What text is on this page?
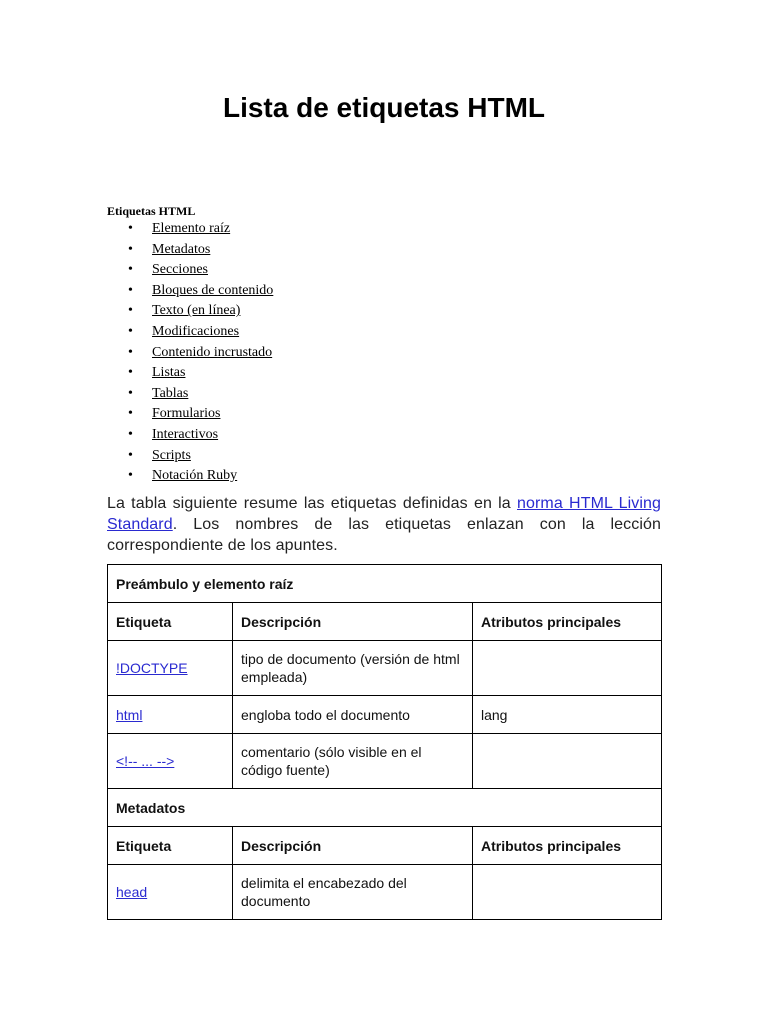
Lista de etiquetas HTML
Etiquetas HTML
• Elemento raíz
• Metadatos
• Secciones
• Bloques de contenido
• Texto (en línea)
• Modificaciones
• Contenido incrustado
• Listas
• Tablas
• Formularios
• Interactivos
• Scripts
• Notación Ruby

La tabla siguiente resume las etiquetas definidas en la norma HTML Living Standard. Los nombres de las etiquetas enlazan con la lección correspondiente de los apuntes.

Preámbulo y elemento raíz		
Etiqueta	Descripción	Atributos principales
!DOCTYPE	tipo de documento (versión de html empleada)	
html	engloba todo el documento	lang
<!-- ... -->	comentario (sólo visible en el código fuente)	
Metadatos		
Etiqueta	Descripción	Atributos principales
head	delimita el encabezado del documento	
